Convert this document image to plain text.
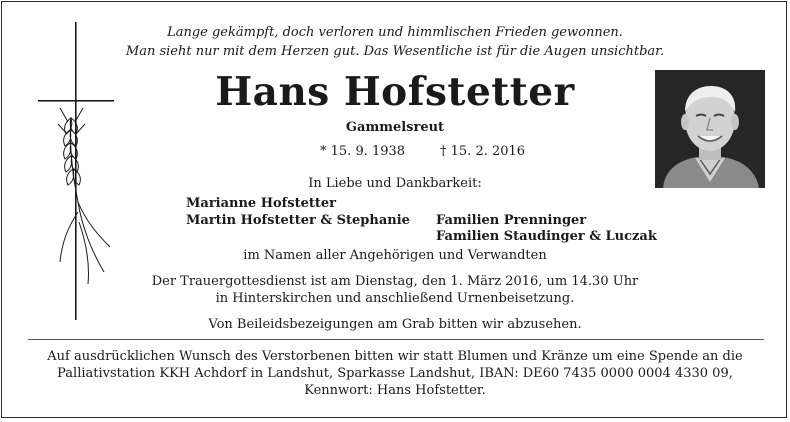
Lange gekämpft, doch verloren und himmlischen Frieden gewonnen.
Man sieht nur mit dem Herzen gut. Das Wesentliche ist für die Augen unsichtbar.
Hans Hofstetter
Gammelsreut
* 15. 9. 1938	† 15. 2. 2016
In Liebe und Dankbarkeit:
Marianne Hofstetter
Martin Hofstetter & Stephanie Familien Prenninger
Familien Staudinger & Luczak
im Namen aller Angehörigen und Verwandten
Der Trauergottesdienst ist am Dienstag, den 1. März 2016, um 14.30 Uhr
in Hinterskirchen und anschließend Urnenbeisetzung.
Von Beileidsbezeigungen am Grab bitten wir abzusehen.
Auf ausdrücklichen Wunsch des Verstorbenen bitten wir statt Blumen und Kränze um eine Spende an die
Palliativstation KKH Achdorf in Landshut, Sparkasse Landshut, IBAN: DE60 7435 0000 0004 4330 09,
Kennwort: Hans Hofstetter.
